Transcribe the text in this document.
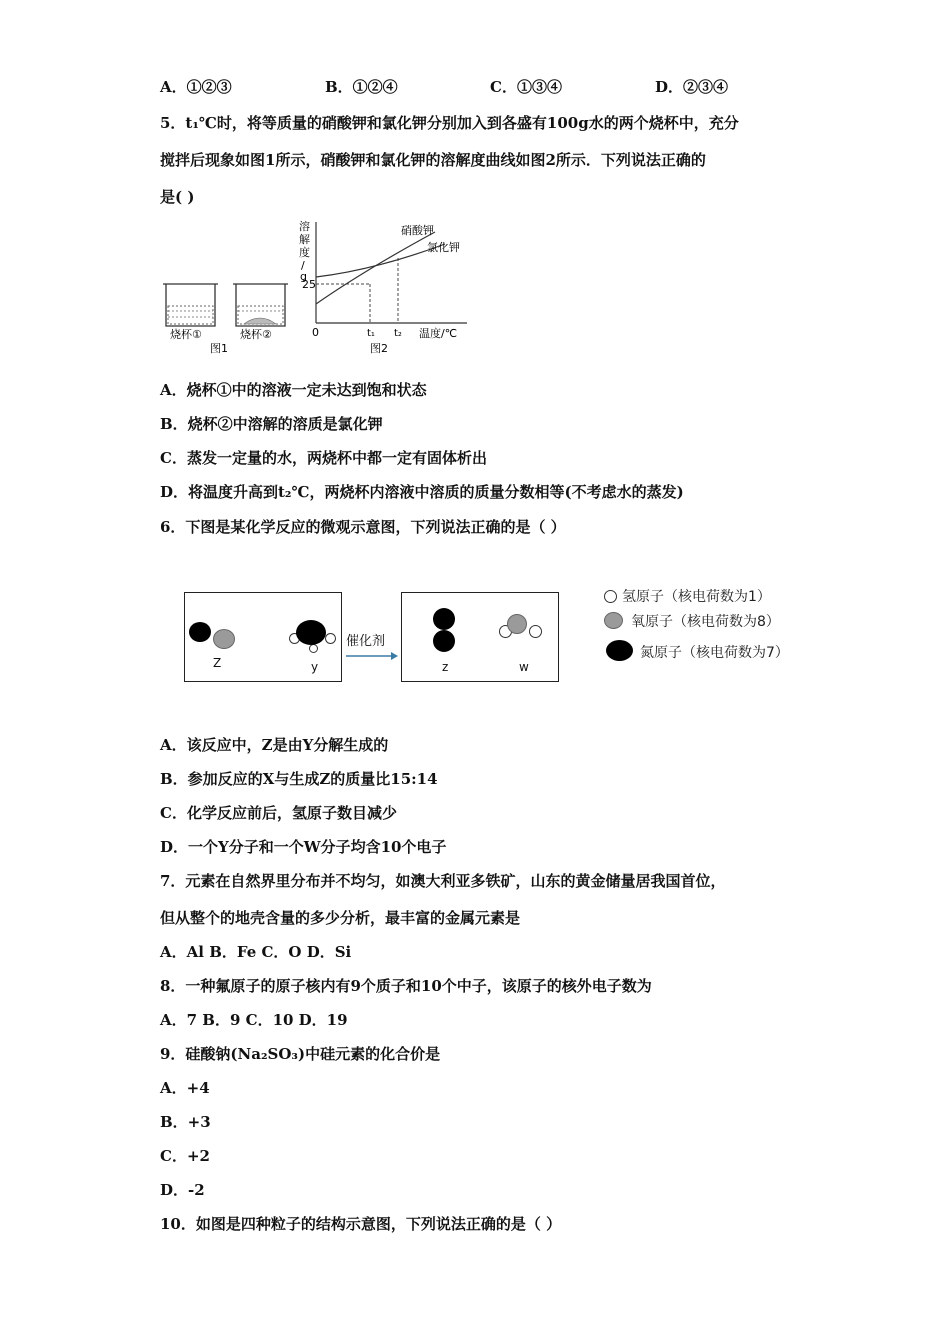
A．①②③	B．①②④	C．①③④	D．②③④
5．t₁℃时，将等质量的硝酸钾和氯化钾分别加入到各盛有100g水的两个烧杯中，充分
搅拌后现象如图1所示，硝酸钾和氯化钾的溶解度曲线如图2所示．下列说法正确的
是( )
烧杯①	烧杯②
图1
溶
解
度
/
g
25
0	t₁ t₂ 温度/℃
硝酸钾
氯化钾
图2
A．烧杯①中的溶液一定未达到饱和状态
B．烧杯②中溶解的溶质是氯化钾
C．蒸发一定量的水，两烧杯中都一定有固体析出
D．将温度升高到t₂℃，两烧杯内溶液中溶质的质量分数相等(不考虑水的蒸发)
6．下图是某化学反应的微观示意图，下列说法正确的是（ ）
Z	y
催化剂
z	w
氢原子（核电荷数为1）
氧原子（核电荷数为8）
氮原子（核电荷数为7）
A．该反应中，Z是由Y分解生成的
B．参加反应的X与生成Z的质量比15:14
C．化学反应前后，氢原子数目减少
D．一个Y分子和一个W分子均含10个电子
7．元素在自然界里分布并不均匀，如澳大利亚多铁矿，山东的黄金储量居我国首位，
但从整个的地壳含量的多少分析，最丰富的金属元素是
A．Al B．Fe C．O D．Si
8．一种氟原子的原子核内有9个质子和10个中子，该原子的核外电子数为
A．7 B．9 C．10 D．19
9．硅酸钠(Na₂SO₃)中硅元素的化合价是
A．+4
B．+3
C．+2
D．-2
10．如图是四种粒子的结构示意图，下列说法正确的是（ ）
